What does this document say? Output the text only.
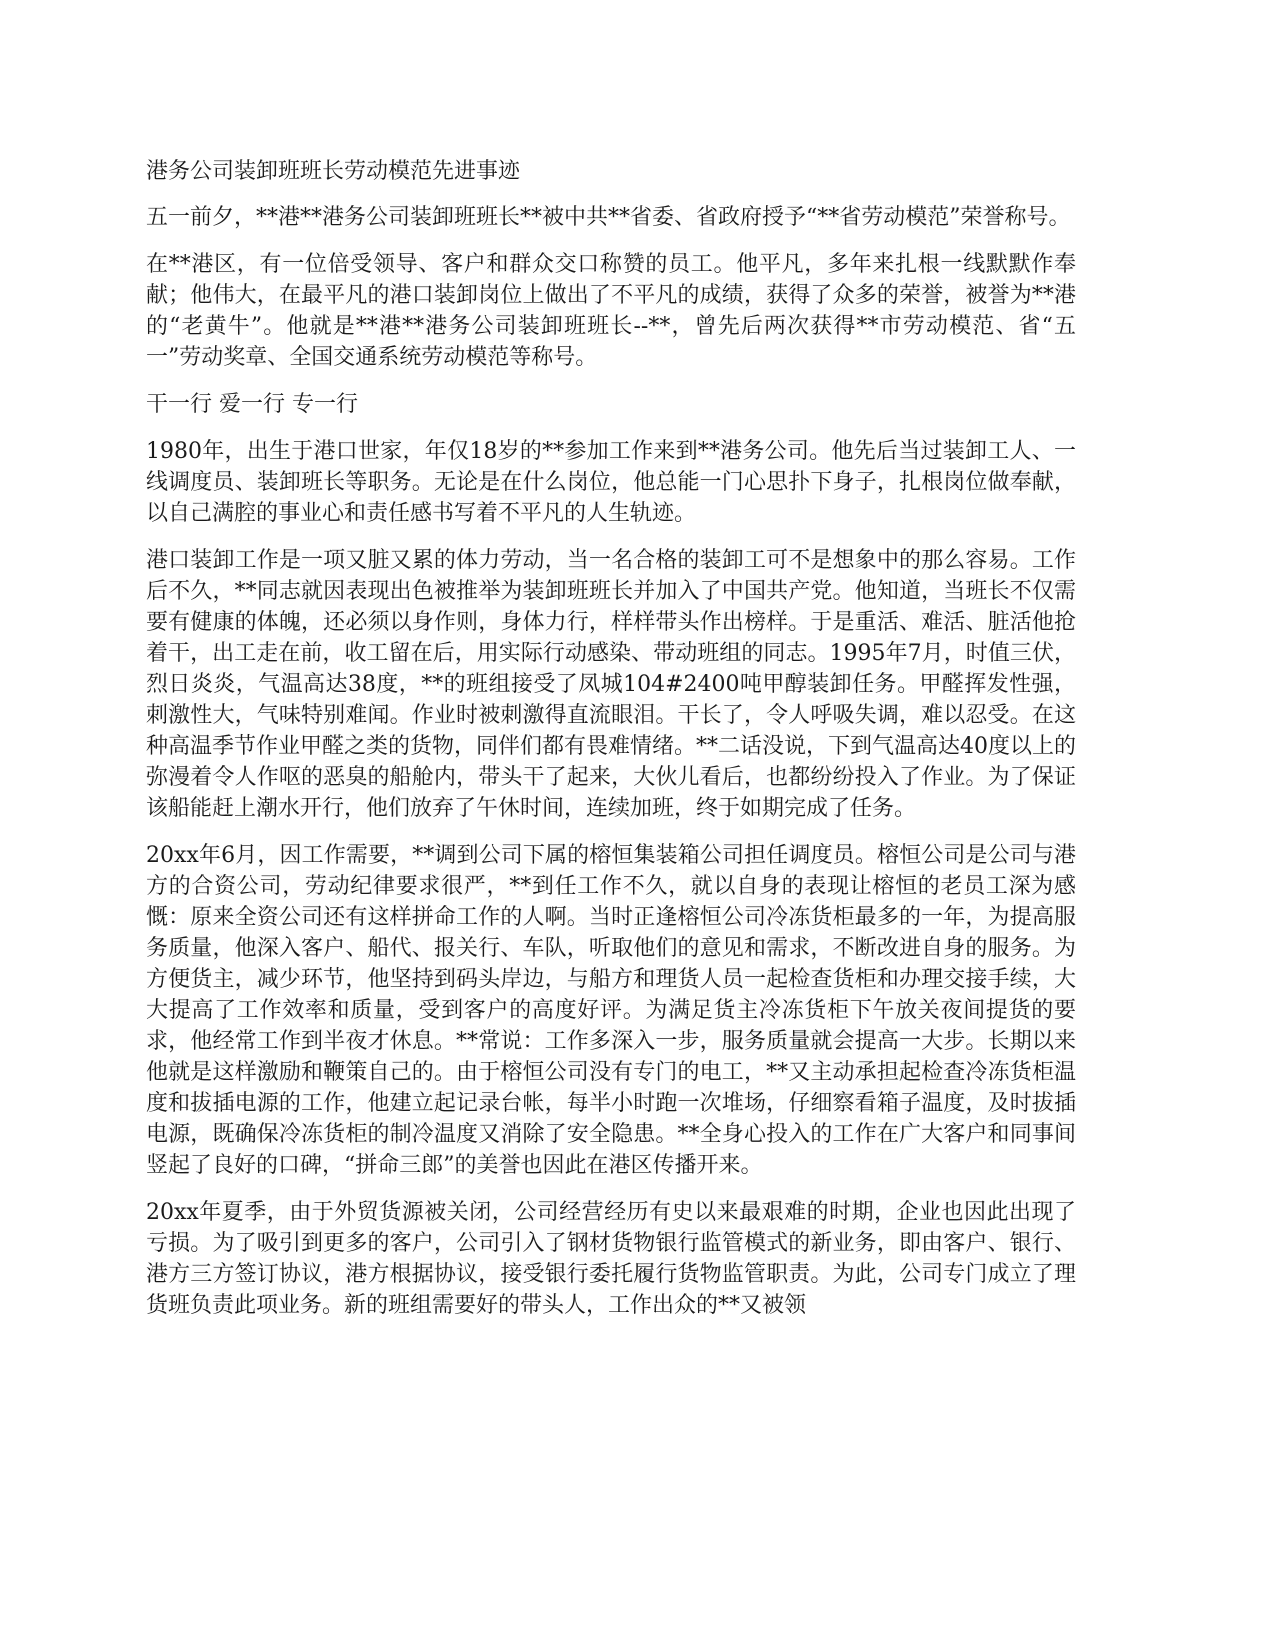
港务公司装卸班班长劳动模范先进事迹

五一前夕，**港**港务公司装卸班班长**被中共**省委、省政府授予“**省劳动模范”荣誉称号。

在**港区，有一位倍受领导、客户和群众交口称赞的员工。他平凡，多年来扎根一线默默作奉献；他伟大，在最平凡的港口装卸岗位上做出了不平凡的成绩，获得了众多的荣誉，被誉为**港的“老黄牛”。他就是**港**港务公司装卸班班长--**，曾先后两次获得**市劳动模范、省“五一”劳动奖章、全国交通系统劳动模范等称号。

干一行 爱一行 专一行

1980年，出生于港口世家，年仅18岁的**参加工作来到**港务公司。他先后当过装卸工人、一线调度员、装卸班长等职务。无论是在什么岗位，他总能一门心思扑下身子，扎根岗位做奉献，以自己满腔的事业心和责任感书写着不平凡的人生轨迹。

港口装卸工作是一项又脏又累的体力劳动，当一名合格的装卸工可不是想象中的那么容易。工作后不久，**同志就因表现出色被推举为装卸班班长并加入了中国共产党。他知道，当班长不仅需要有健康的体魄，还必须以身作则，身体力行，样样带头作出榜样。于是重活、难活、脏活他抢着干，出工走在前，收工留在后，用实际行动感染、带动班组的同志。1995年7月，时值三伏，烈日炎炎，气温高达38度，**的班组接受了凤城104#2400吨甲醇装卸任务。甲醛挥发性强，刺激性大，气味特别难闻。作业时被刺激得直流眼泪。干长了，令人呼吸失调，难以忍受。在这种高温季节作业甲醛之类的货物，同伴们都有畏难情绪。**二话没说，下到气温高达40度以上的弥漫着令人作呕的恶臭的船舱内，带头干了起来，大伙儿看后，也都纷纷投入了作业。为了保证该船能赶上潮水开行，他们放弃了午休时间，连续加班，终于如期完成了任务。

20xx年6月，因工作需要，**调到公司下属的榕恒集装箱公司担任调度员。榕恒公司是公司与港方的合资公司，劳动纪律要求很严，**到任工作不久，就以自身的表现让榕恒的老员工深为感慨：原来全资公司还有这样拼命工作的人啊。当时正逢榕恒公司冷冻货柜最多的一年，为提高服务质量，他深入客户、船代、报关行、车队，听取他们的意见和需求，不断改进自身的服务。为方便货主，减少环节，他坚持到码头岸边，与船方和理货人员一起检查货柜和办理交接手续，大大提高了工作效率和质量，受到客户的高度好评。为满足货主冷冻货柜下午放关夜间提货的要求，他经常工作到半夜才休息。**常说：工作多深入一步，服务质量就会提高一大步。长期以来他就是这样激励和鞭策自己的。由于榕恒公司没有专门的电工，**又主动承担起检查冷冻货柜温度和拔插电源的工作，他建立起记录台帐，每半小时跑一次堆场，仔细察看箱子温度，及时拔插电源，既确保冷冻货柜的制冷温度又消除了安全隐患。**全身心投入的工作在广大客户和同事间竖起了良好的口碑，“拼命三郎”的美誉也因此在港区传播开来。

20xx年夏季，由于外贸货源被关闭，公司经营经历有史以来最艰难的时期，企业也因此出现了亏损。为了吸引到更多的客户，公司引入了钢材货物银行监管模式的新业务，即由客户、银行、港方三方签订协议，港方根据协议，接受银行委托履行货物监管职责。为此，公司专门成立了理货班负责此项业务。新的班组需要好的带头人，工作出众的**又被领
